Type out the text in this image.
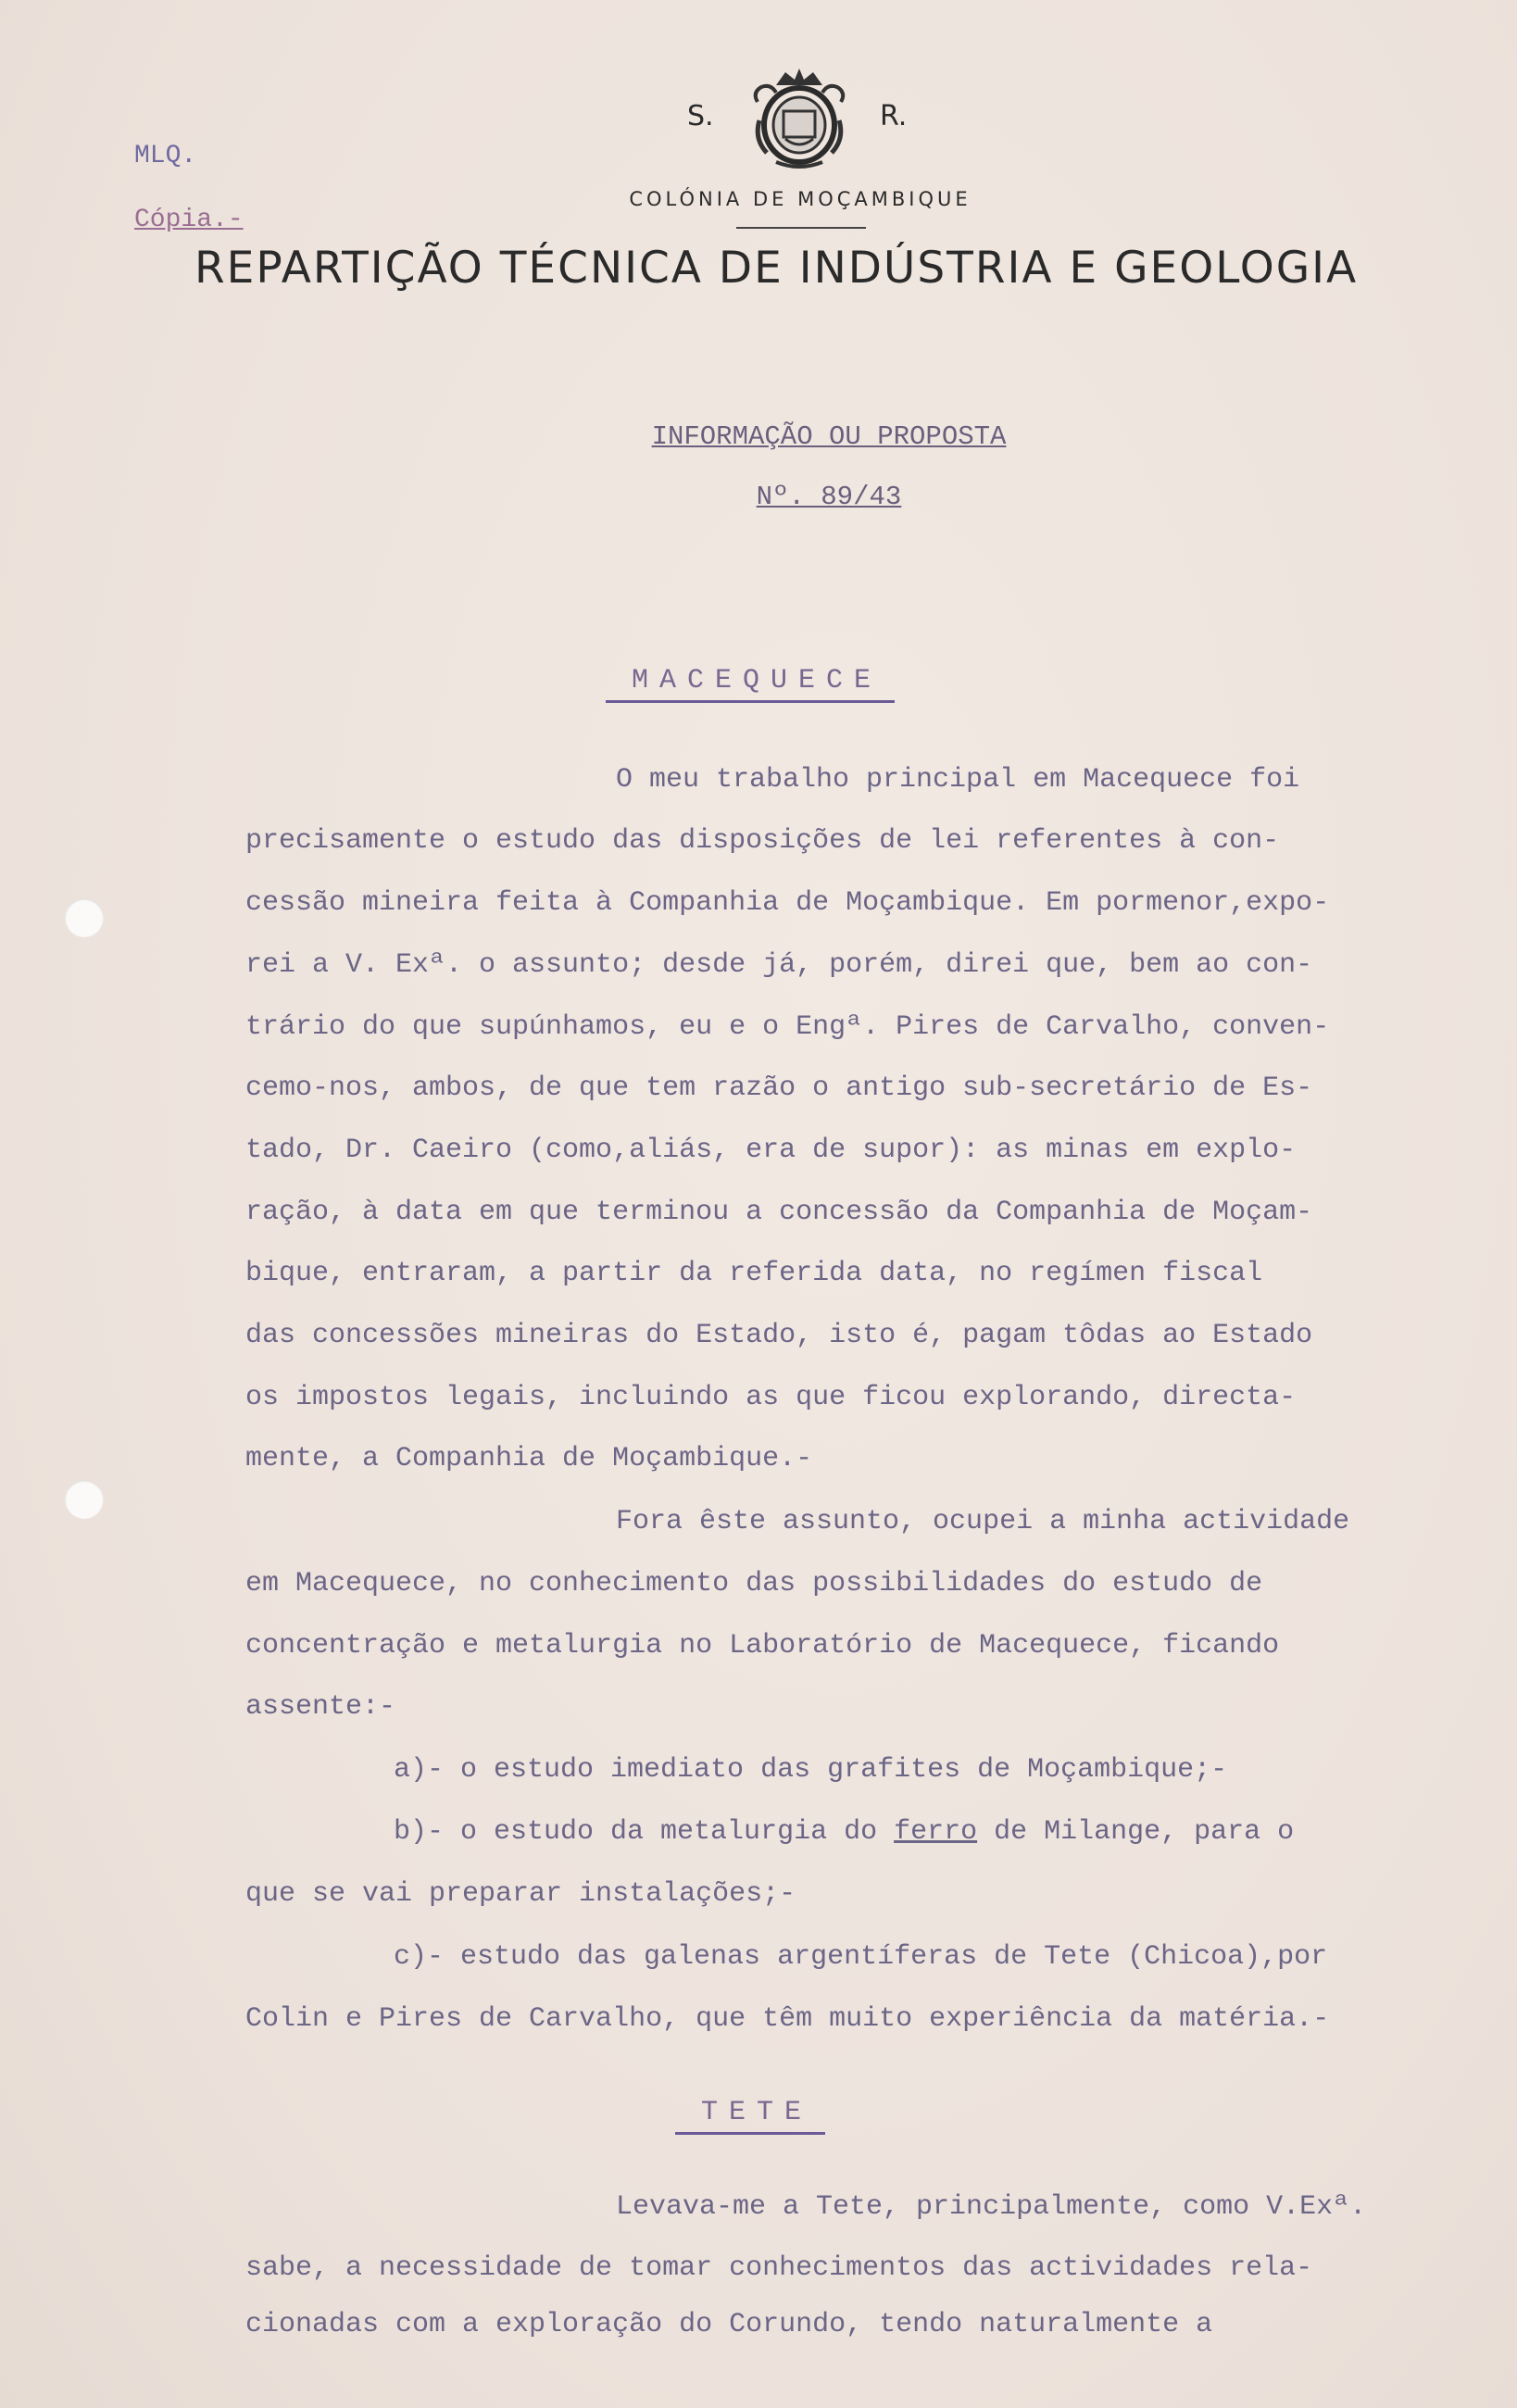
S.	R.
COLÓNIA DE MOÇAMBIQUE
REPARTIÇÃO TÉCNICA DE INDÚSTRIA E GEOLOGIA
MLQ.
Cópia.-
INFORMAÇÃO OU PROPOSTA
Nº. 89/43
MACEQUECE
O meu trabalho principal em Macequece foi
precisamente o estudo das disposições de lei referentes à con-
cessão mineira feita à Companhia de Moçambique. Em pormenor,expo-
rei a V. Exª. o assunto; desde já, porém, direi que, bem ao con-
trário do que supúnhamos, eu e o Engª. Pires de Carvalho, conven-
cemo-nos, ambos, de que tem razão o antigo sub-secretário de Es-
tado, Dr. Caeiro (como,aliás, era de supor): as minas em explo-
ração, à data em que terminou a concessão da Companhia de Moçam-
bique, entraram, a partir da referida data, no regímen fiscal
das concessões mineiras do Estado, isto é, pagam tôdas ao Estado
os impostos legais, incluindo as que ficou explorando, directa-
mente, a Companhia de Moçambique.-
Fora êste assunto, ocupei a minha actividade
em Macequece, no conhecimento das possibilidades do estudo de
concentração e metalurgia no Laboratório de Macequece, ficando
assente:-
a)- o estudo imediato das grafites de Moçambique;-
b)- o estudo da metalurgia do ferro de Milange, para o
que se vai preparar instalações;-
c)- estudo das galenas argentíferas de Tete (Chicoa),por
Colin e Pires de Carvalho, que têm muito experiência da matéria.-
TETE
Levava-me a Tete, principalmente, como V.Exª.
sabe, a necessidade de tomar conhecimentos das actividades rela-
cionadas com a exploração do Corundo, tendo naturalmente a
